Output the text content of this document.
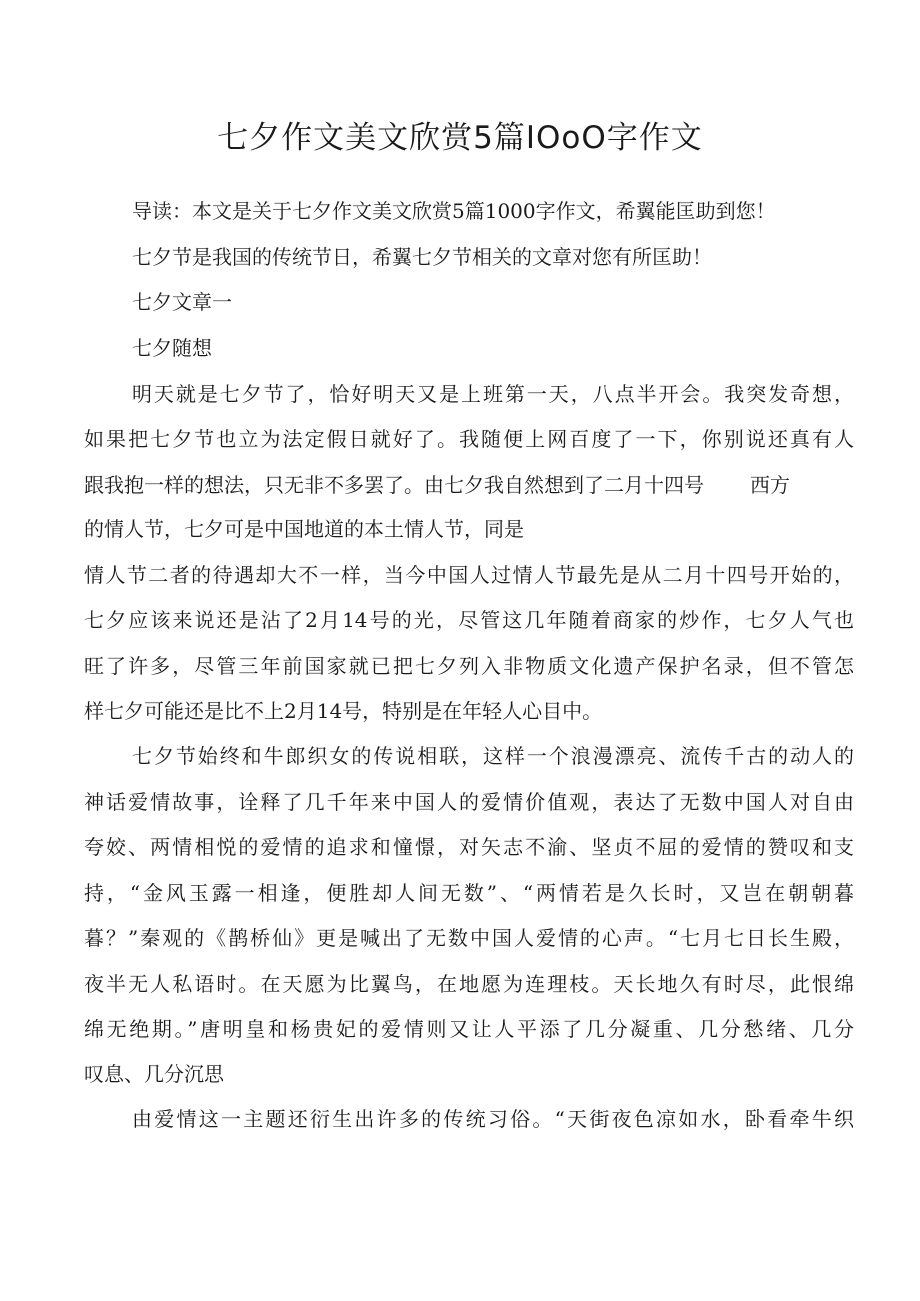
七夕作文美文欣赏5篇IOoO字作文

导读：本文是关于七夕作文美文欣赏5篇1000字作文，希翼能匡助到您！

七夕节是我国的传统节日，希翼七夕节相关的文章对您有所匡助！

七夕文章一

七夕随想

明天就是七夕节了，恰好明天又是上班第一天，八点半开会。我突发奇想，

如果把七夕节也立为法定假日就好了。我随便上网百度了一下，你别说还真有人

跟我抱一样的想法，只无非不多罢了。由七夕我自然想到了二月十四号 西方

的情人节，七夕可是中国地道的本土情人节，同是

情人节二者的待遇却大不一样，当今中国人过情人节最先是从二月十四号开始的，

七夕应该来说还是沾了2月14号的光，尽管这几年随着商家的炒作，七夕人气也

旺了许多，尽管三年前国家就已把七夕列入非物质文化遗产保护名录，但不管怎

样七夕可能还是比不上2月14号，特别是在年轻人心目中。

七夕节始终和牛郎织女的传说相联，这样一个浪漫漂亮、流传千古的动人的

神话爱情故事，诠释了几千年来中国人的爱情价值观，表达了无数中国人对自由

夸姣、两情相悦的爱情的追求和憧憬，对矢志不渝、坚贞不屈的爱情的赞叹和支

持，“金风玉露一相逢，便胜却人间无数”、“两情若是久长时，又岂在朝朝暮

暮？”秦观的《鹊桥仙》更是喊出了无数中国人爱情的心声。“七月七日长生殿，

夜半无人私语时。在天愿为比翼鸟，在地愿为连理枝。天长地久有时尽，此恨绵

绵无绝期。”唐明皇和杨贵妃的爱情则又让人平添了几分凝重、几分愁绪、几分

叹息、几分沉思

由爱情这一主题还衍生出许多的传统习俗。“天街夜色凉如水，卧看牵牛织
